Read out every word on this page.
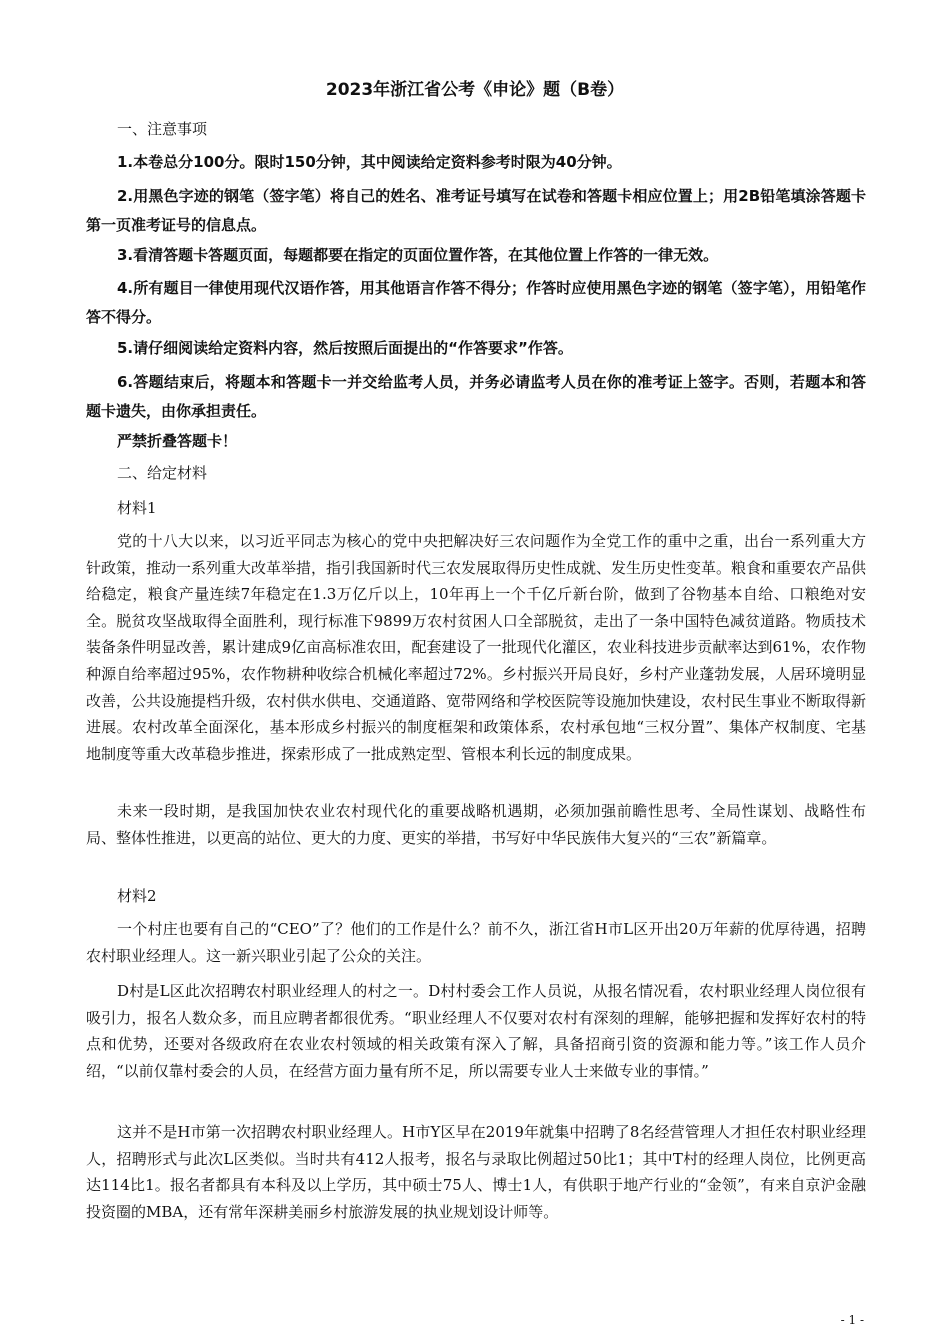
2023年浙江省公考《申论》题（B卷）
一、注意事项
1.本卷总分100分。限时150分钟，其中阅读给定资料参考时限为40分钟。
2.用黑色字迹的钢笔（签字笔）将自己的姓名、准考证号填写在试卷和答题卡相应位置上；用2B铅笔填涂答题卡第一页准考证号的信息点。
3.看清答题卡答题页面，每题都要在指定的页面位置作答，在其他位置上作答的一律无效。
4.所有题目一律使用现代汉语作答，用其他语言作答不得分；作答时应使用黑色字迹的钢笔（签字笔），用铅笔作答不得分。
5.请仔细阅读给定资料内容，然后按照后面提出的“作答要求”作答。
6.答题结束后，将题本和答题卡一并交给监考人员，并务必请监考人员在你的准考证上签字。否则，若题本和答题卡遗失，由你承担责任。
严禁折叠答题卡！
二、给定材料
材料1
党的十八大以来，以习近平同志为核心的党中央把解决好三农问题作为全党工作的重中之重，出台一系列重大方针政策，推动一系列重大改革举措，指引我国新时代三农发展取得历史性成就、发生历史性变革。粮食和重要农产品供给稳定，粮食产量连续7年稳定在1.3万亿斤以上，10年再上一个千亿斤新台阶，做到了谷物基本自给、口粮绝对安全。脱贫攻坚战取得全面胜利，现行标准下9899万农村贫困人口全部脱贫，走出了一条中国特色减贫道路。物质技术装备条件明显改善，累计建成9亿亩高标准农田，配套建设了一批现代化灌区，农业科技进步贡献率达到61%，农作物种源自给率超过95%，农作物耕种收综合机械化率超过72%。乡村振兴开局良好，乡村产业蓬勃发展，人居环境明显改善，公共设施提档升级，农村供水供电、交通道路、宽带网络和学校医院等设施加快建设，农村民生事业不断取得新进展。农村改革全面深化，基本形成乡村振兴的制度框架和政策体系，农村承包地“三权分置”、集体产权制度、宅基地制度等重大改革稳步推进，探索形成了一批成熟定型、管根本利长远的制度成果。
未来一段时期，是我国加快农业农村现代化的重要战略机遇期，必须加强前瞻性思考、全局性谋划、战略性布局、整体性推进，以更高的站位、更大的力度、更实的举措，书写好中华民族伟大复兴的“三农”新篇章。
材料2
一个村庄也要有自己的“CEO”了？他们的工作是什么？前不久，浙江省H市L区开出20万年薪的优厚待遇，招聘农村职业经理人。这一新兴职业引起了公众的关注。
D村是L区此次招聘农村职业经理人的村之一。D村村委会工作人员说，从报名情况看，农村职业经理人岗位很有吸引力，报名人数众多，而且应聘者都很优秀。“职业经理人不仅要对农村有深刻的理解，能够把握和发挥好农村的特点和优势，还要对各级政府在农业农村领域的相关政策有深入了解，具备招商引资的资源和能力等。”该工作人员介绍，“以前仅靠村委会的人员，在经营方面力量有所不足，所以需要专业人士来做专业的事情。”
这并不是H市第一次招聘农村职业经理人。H市Y区早在2019年就集中招聘了8名经营管理人才担任农村职业经理人，招聘形式与此次L区类似。当时共有412人报考，报名与录取比例超过50比1；其中T村的经理人岗位，比例更高达114比1。报名者都具有本科及以上学历，其中硕士75人、博士1人，有供职于地产行业的“金领”，有来自京沪金融投资圈的MBA，还有常年深耕美丽乡村旅游发展的执业规划设计师等。
- 1 -
